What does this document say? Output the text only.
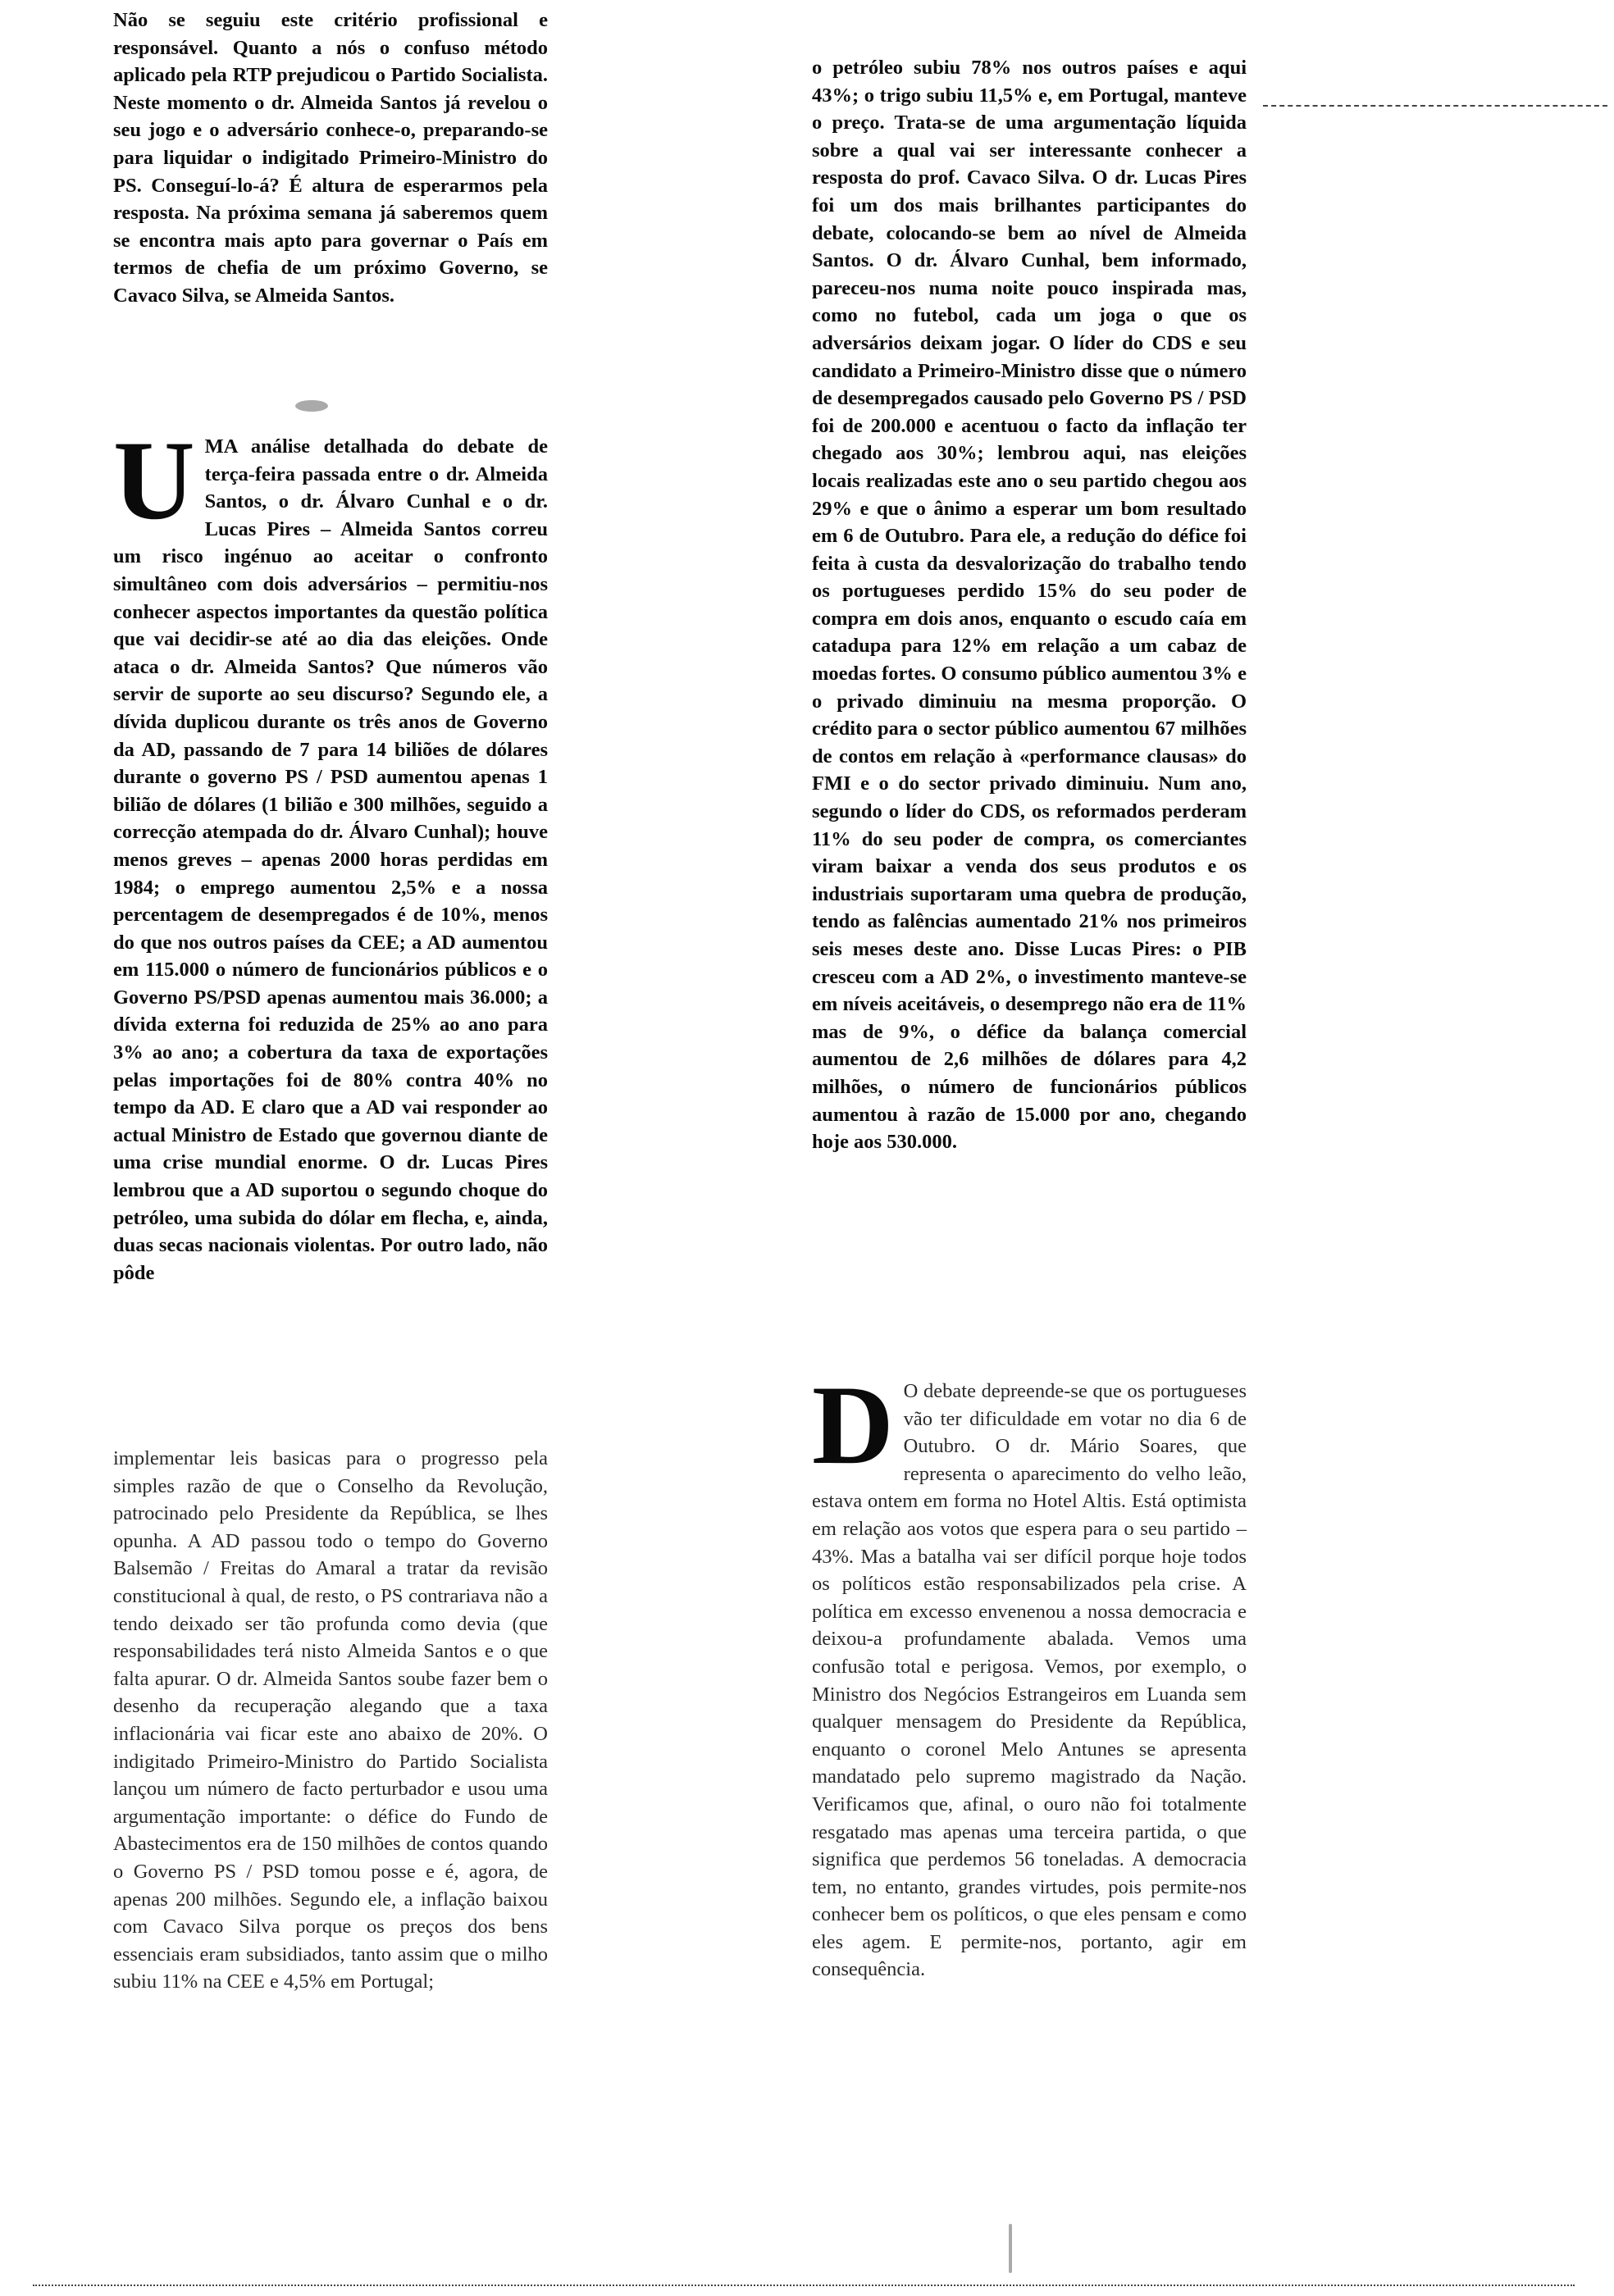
Não se seguiu este critério profissional e responsável. Quanto a nós o confuso método aplicado pela RTP prejudicou o Partido Socialista. Neste momento o dr. Almeida Santos já revelou o seu jogo e o adversário conhece-o, preparando-se para liquidar o indigitado Primeiro-Ministro do PS. Conseguí-lo-á? É altura de esperarmos pela resposta. Na próxima semana já saberemos quem se encontra mais apto para governar o País em termos de chefia de um próximo Governo, se Cavaco Silva, se Almeida Santos.

U MA análise detalhada do debate de terça-feira passada entre o dr. Almeida Santos, o dr. Álvaro Cunhal e o dr. Lucas Pires – Almeida Santos correu um risco ingénuo ao aceitar o confronto simultâneo com dois adversários – permitiu-nos conhecer aspectos importantes da questão política que vai decidir-se até ao dia das eleições. Onde ataca o dr. Almeida Santos? Que números vão servir de suporte ao seu discurso? Segundo ele, a dívida duplicou durante os três anos de Governo da AD, passando de 7 para 14 biliões de dólares durante o governo PS / PSD aumentou apenas 1 bilião de dólares (1 bilião e 300 milhões, seguido a correcção atempada do dr. Álvaro Cunhal); houve menos greves – apenas 2000 horas perdidas em 1984; o emprego aumentou 2,5% e a nossa percentagem de desempregados é de 10%, menos do que nos outros países da CEE; a AD aumentou em 115.000 o número de funcionários públicos e o Governo PS/PSD apenas aumentou mais 36.000; a dívida externa foi reduzida de 25% ao ano para 3% ao ano; a cobertura da taxa de exportações pelas importações foi de 80% contra 40% no tempo da AD. E claro que a AD vai responder ao actual Ministro de Estado que governou diante de uma crise mundial enorme. O dr. Lucas Pires lembrou que a AD suportou o segundo choque do petróleo, uma subida do dólar em flecha, e, ainda, duas secas nacionais violentas. Por outro lado, não pôde

implementar leis basicas para o progresso pela simples razão de que o Conselho da Revolução, patrocinado pelo Presidente da República, se lhes opunha. A AD passou todo o tempo do Governo Balsemão / Freitas do Amaral a tratar da revisão constitucional à qual, de resto, o PS contrariava não a tendo deixado ser tão profunda como devia (que responsabilidades terá nisto Almeida Santos e o que falta apurar. O dr. Almeida Santos soube fazer bem o desenho da recuperação alegando que a taxa inflacionária vai ficar este ano abaixo de 20%. O indigitado Primeiro-Ministro do Partido Socialista lançou um número de facto perturbador e usou uma argumentação importante: o défice do Fundo de Abastecimentos era de 150 milhões de contos quando o Governo PS / PSD tomou posse e é, agora, de apenas 200 milhões. Segundo ele, a inflação baixou com Cavaco Silva porque os preços dos bens essenciais eram subsidiados, tanto assim que o milho subiu 11% na CEE e 4,5% em Portugal;

o petróleo subiu 78% nos outros países e aqui 43%; o trigo subiu 11,5% e, em Portugal, manteve o preço. Trata-se de uma argumentação líquida sobre a qual vai ser interessante conhecer a resposta do prof. Cavaco Silva. O dr. Lucas Pires foi um dos mais brilhantes participantes do debate, colocando-se bem ao nível de Almeida Santos. O dr. Álvaro Cunhal, bem informado, pareceu-nos numa noite pouco inspirada mas, como no futebol, cada um joga o que os adversários deixam jogar. O líder do CDS e seu candidato a Primeiro-Ministro disse que o número de desempregados causado pelo Governo PS / PSD foi de 200.000 e acentuou o facto da inflação ter chegado aos 30%; lembrou aqui, nas eleições locais realizadas este ano o seu partido chegou aos 29% e que o ânimo a esperar um bom resultado em 6 de Outubro. Para ele, a redução do défice foi feita à custa da desvalorização do trabalho tendo os portugueses perdido 15% do seu poder de compra em dois anos, enquanto o escudo caía em catadupa para 12% em relação a um cabaz de moedas fortes. O consumo público aumentou 3% e o privado diminuiu na mesma proporção. O crédito para o sector público aumentou 67 milhões de contos em relação à «performance clausas» do FMI e o do sector privado diminuiu. Num ano, segundo o líder do CDS, os reformados perderam 11% do seu poder de compra, os comerciantes viram baixar a venda dos seus produtos e os industriais suportaram uma quebra de produção, tendo as falências aumentado 21% nos primeiros seis meses deste ano. Disse Lucas Pires: o PIB cresceu com a AD 2%, o investimento manteve-se em níveis aceitáveis, o desemprego não era de 11% mas de 9%, o défice da balança comercial aumentou de 2,6 milhões de dólares para 4,2 milhões, o número de funcionários públicos aumentou à razão de 15.000 por ano, chegando hoje aos 530.000.

D O debate depreende-se que os portugueses vão ter dificuldade em votar no dia 6 de Outubro. O dr. Mário Soares, que representa o aparecimento do velho leão, estava ontem em forma no Hotel Altis. Está optimista em relação aos votos que espera para o seu partido – 43%. Mas a batalha vai ser difícil porque hoje todos os políticos estão responsabilizados pela crise. A política em excesso envenenou a nossa democracia e deixou-a profundamente abalada. Vemos uma confusão total e perigosa. Vemos, por exemplo, o Ministro dos Negócios Estrangeiros em Luanda sem qualquer mensagem do Presidente da República, enquanto o coronel Melo Antunes se apresenta mandatado pelo supremo magistrado da Nação. Verificamos que, afinal, o ouro não foi totalmente resgatado mas apenas uma terceira partida, o que significa que perdemos 56 toneladas. A democracia tem, no entanto, grandes virtudes, pois permite-nos conhecer bem os políticos, o que eles pensam e como eles agem. E permite-nos, portanto, agir em consequência.
